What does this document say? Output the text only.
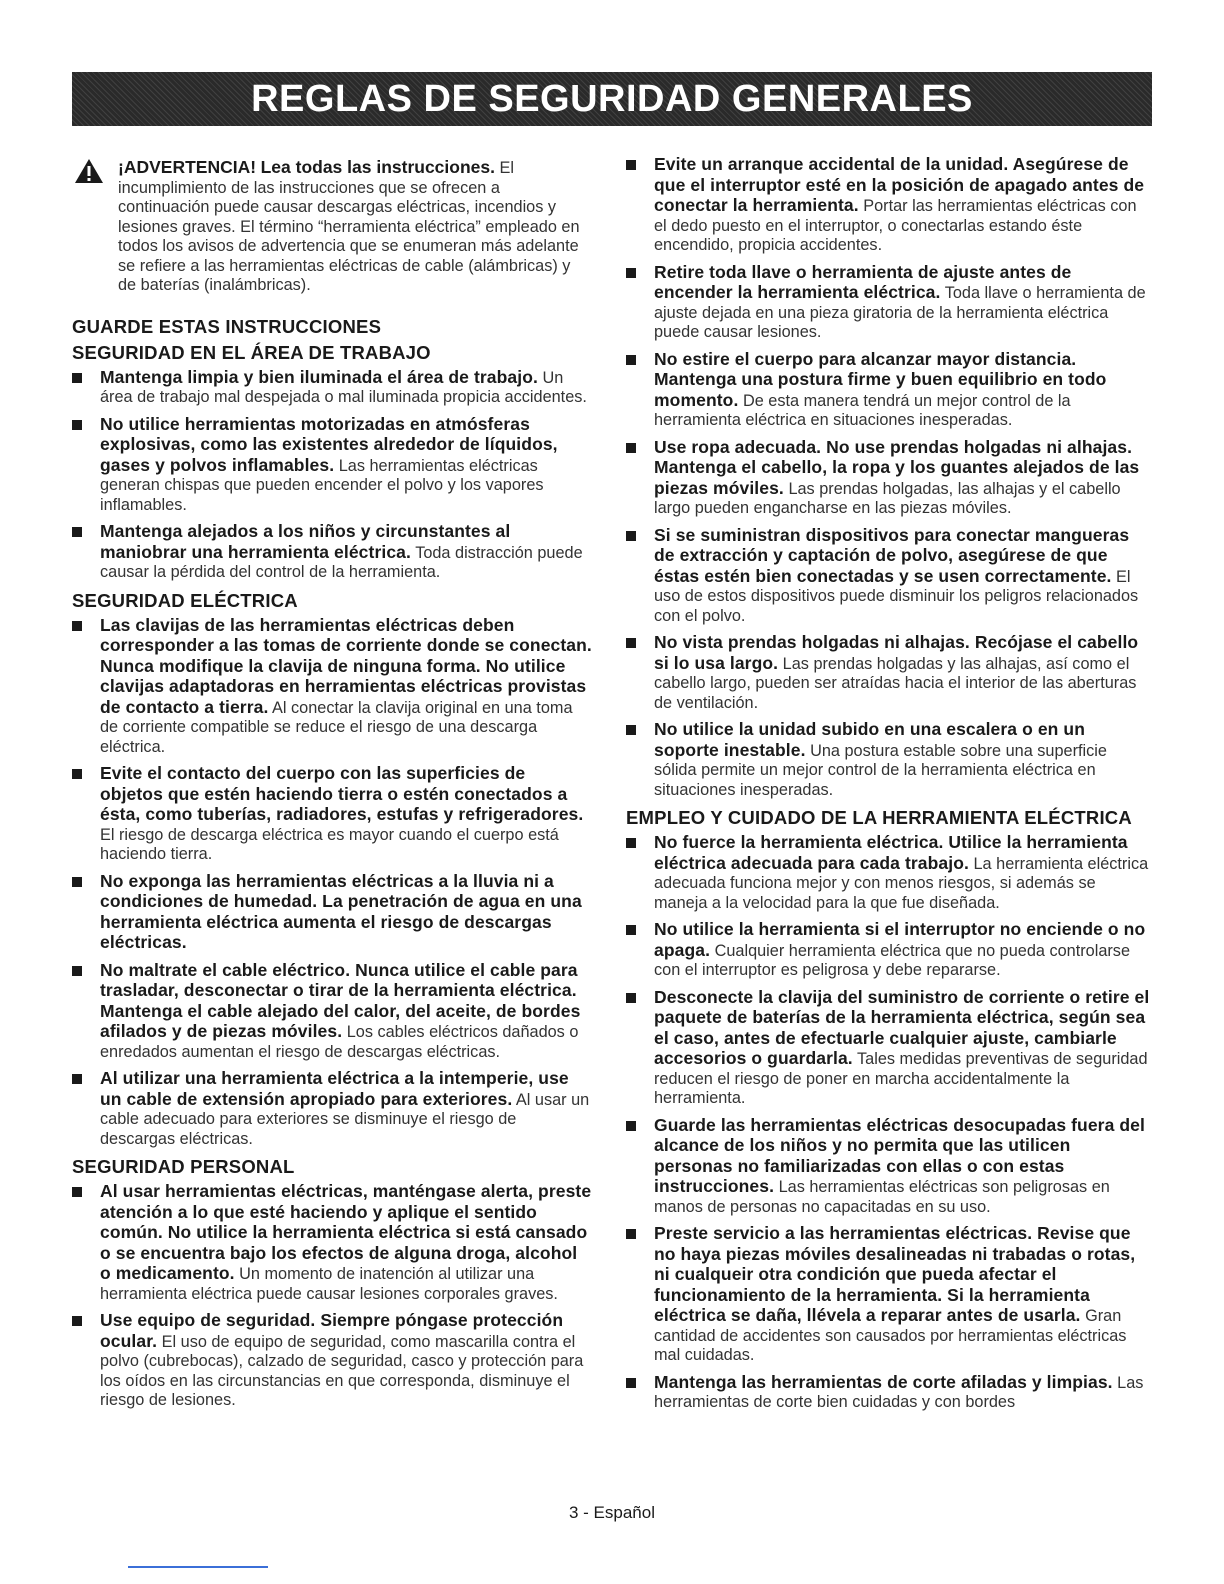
REGLAS DE SEGURIDAD GENERALES
¡ADVERTENCIA! Lea todas las instrucciones. El incumplimiento de las instrucciones que se ofrecen a continuación puede causar descargas eléctricas, incendios y lesiones graves. El término “herramienta eléctrica” empleado en todos los avisos de advertencia que se enumeran más adelante se refiere a las herramientas eléctricas de cable (alámbricas) y de baterías (inalámbricas).
GUARDE ESTAS INSTRUCCIONES
SEGURIDAD EN EL ÁREA DE TRABAJO
Mantenga limpia y bien iluminada el área de trabajo. Un área de trabajo mal despejada o mal iluminada propicia accidentes.
No utilice herramientas motorizadas en atmósferas explosivas, como las existentes alrededor de líquidos, gases y polvos inflamables. Las herramientas eléctricas generan chispas que pueden encender el polvo y los vapores inflamables.
Mantenga alejados a los niños y circunstantes al maniobrar una herramienta eléctrica. Toda distracción puede causar la pérdida del control de la herramienta.
SEGURIDAD ELÉCTRICA
Las clavijas de las herramientas eléctricas deben corresponder a las tomas de corriente donde se conectan. Nunca modifique la clavija de ninguna forma. No utilice clavijas adaptadoras en herramientas eléctricas provistas de contacto a tierra. Al conectar la clavija original en una toma de corriente compatible se reduce el riesgo de una descarga eléctrica.
Evite el contacto del cuerpo con las superficies de objetos que estén haciendo tierra o estén conectados a ésta, como tuberías, radiadores, estufas y refrigeradores. El riesgo de descarga eléctrica es mayor cuando el cuerpo está haciendo tierra.
No exponga las herramientas eléctricas a la lluvia ni a condiciones de humedad. La penetración de agua en una herramienta eléctrica aumenta el riesgo de descargas eléctricas.
No maltrate el cable eléctrico. Nunca utilice el cable para trasladar, desconectar o tirar de la herramienta eléctrica. Mantenga el cable alejado del calor, del aceite, de bordes afilados y de piezas móviles. Los cables eléctricos dañados o enredados aumentan el riesgo de descargas eléctricas.
Al utilizar una herramienta eléctrica a la intemperie, use un cable de extensión apropiado para exteriores. Al usar un cable adecuado para exteriores se disminuye el riesgo de descargas eléctricas.
SEGURIDAD PERSONAL
Al usar herramientas eléctricas, manténgase alerta, preste atención a lo que esté haciendo y aplique el sentido común. No utilice la herramienta eléctrica si está cansado o se encuentra bajo los efectos de alguna droga, alcohol o medicamento. Un momento de inatención al utilizar una herramienta eléctrica puede causar lesiones corporales graves.
Use equipo de seguridad. Siempre póngase protección ocular. El uso de equipo de seguridad, como mascarilla contra el polvo (cubrebocas), calzado de seguridad, casco y protección para los oídos en las circunstancias en que corresponda, disminuye el riesgo de lesiones.
Evite un arranque accidental de la unidad. Asegúrese de que el interruptor esté en la posición de apagado antes de conectar la herramienta. Portar las herramientas eléctricas con el dedo puesto en el interruptor, o conectarlas estando éste encendido, propicia accidentes.
Retire toda llave o herramienta de ajuste antes de encender la herramienta eléctrica. Toda llave o herramienta de ajuste dejada en una pieza giratoria de la herramienta eléctrica puede causar lesiones.
No estire el cuerpo para alcanzar mayor distancia. Mantenga una postura firme y buen equilibrio en todo momento. De esta manera tendrá un mejor control de la herramienta eléctrica en situaciones inesperadas.
Use ropa adecuada. No use prendas holgadas ni alhajas. Mantenga el cabello, la ropa y los guantes alejados de las piezas móviles. Las prendas holgadas, las alhajas y el cabello largo pueden engancharse en las piezas móviles.
Si se suministran dispositivos para conectar mangueras de extracción y captación de polvo, asegúrese de que éstas estén bien conectadas y se usen correctamente. El uso de estos dispositivos puede disminuir los peligros relacionados con el polvo.
No vista prendas holgadas ni alhajas. Recójase el cabello si lo usa largo. Las prendas holgadas y las alhajas, así como el cabello largo, pueden ser atraídas hacia el interior de las aberturas de ventilación.
No utilice la unidad subido en una escalera o en un soporte inestable. Una postura estable sobre una superficie sólida permite un mejor control de la herramienta eléctrica en situaciones inesperadas.
EMPLEO Y CUIDADO DE LA HERRAMIENTA ELÉCTRICA
No fuerce la herramienta eléctrica. Utilice la herramienta eléctrica adecuada para cada trabajo. La herramienta eléctrica adecuada funciona mejor y con menos riesgos, si además se maneja a la velocidad para la que fue diseñada.
No utilice la herramienta si el interruptor no enciende o no apaga. Cualquier herramienta eléctrica que no pueda controlarse con el interruptor es peligrosa y debe repararse.
Desconecte la clavija del suministro de corriente o retire el paquete de baterías de la herramienta eléctrica, según sea el caso, antes de efectuarle cualquier ajuste, cambiarle accesorios o guardarla. Tales medidas preventivas de seguridad reducen el riesgo de poner en marcha accidentalmente la herramienta.
Guarde las herramientas eléctricas desocupadas fuera del alcance de los niños y no permita que las utilicen personas no familiarizadas con ellas o con estas instrucciones. Las herramientas eléctricas son peligrosas en manos de personas no capacitadas en su uso.
Preste servicio a las herramientas eléctricas. Revise que no haya piezas móviles desalineadas ni trabadas o rotas, ni cualqueir otra condición que pueda afectar el funcionamiento de la herramienta. Si la herramienta eléctrica se daña, llévela a reparar antes de usarla. Gran cantidad de accidentes son causados por herramientas eléctricas mal cuidadas.
Mantenga las herramientas de corte afiladas y limpias. Las herramientas de corte bien cuidadas y con bordes
3 - Español
